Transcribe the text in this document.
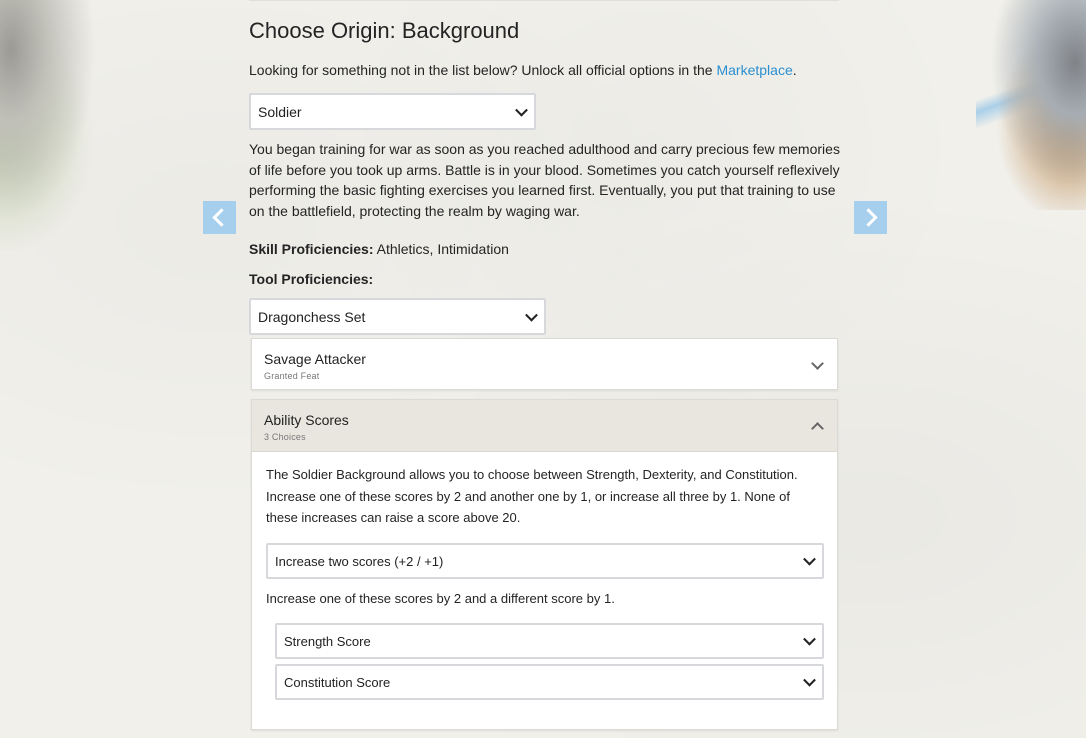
Choose Origin: Background
Looking for something not in the list below? Unlock all official options in the Marketplace.
Soldier
You began training for war as soon as you reached adulthood and carry precious few memories of life before you took up arms. Battle is in your blood. Sometimes you catch yourself reflexively performing the basic fighting exercises you learned first. Eventually, you put that training to use on the battlefield, protecting the realm by waging war.
Skill Proficiencies: Athletics, Intimidation
Tool Proficiencies:
Dragonchess Set
Savage Attacker
Granted Feat
Ability Scores
3 Choices
The Soldier Background allows you to choose between Strength, Dexterity, and Constitution. Increase one of these scores by 2 and another one by 1, or increase all three by 1. None of these increases can raise a score above 20.
Increase two scores (+2 / +1)
Increase one of these scores by 2 and a different score by 1.
Strength Score
Constitution Score
